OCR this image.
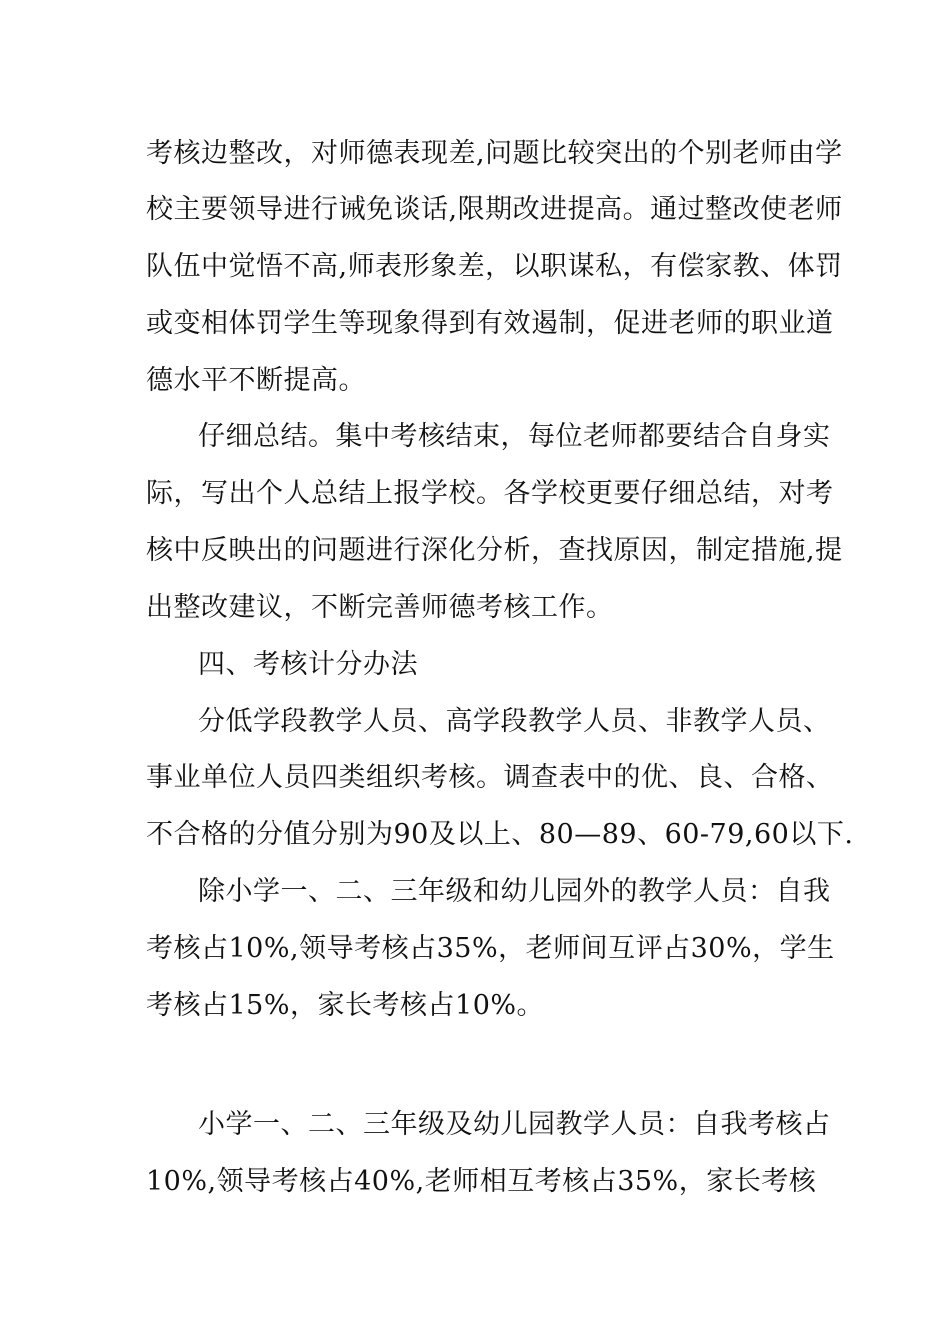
考核边整改，对师德表现差,问题比较突出的个别老师由学
校主要领导进行诫免谈话,限期改进提高。通过整改使老师
队伍中觉悟不高,师表形象差，以职谋私，有偿家教、体罚
或变相体罚学生等现象得到有效遏制，促进老师的职业道
德水平不断提高。
仔细总结。集中考核结束，每位老师都要结合自身实
际，写出个人总结上报学校。各学校更要仔细总结，对考
核中反映出的问题进行深化分析，查找原因，制定措施,提
出整改建议，不断完善师德考核工作。
四、考核计分办法
分低学段教学人员、高学段教学人员、非教学人员、
事业单位人员四类组织考核。调查表中的优、良、合格、
不合格的分值分别为90及以上、80—89、60-79,60以下.
除小学一、二、三年级和幼儿园外的教学人员：自我
考核占10%,领导考核占35%，老师间互评占30%，学生
考核占15%，家长考核占10%。
小学一、二、三年级及幼儿园教学人员：自我考核占
10%,领导考核占40%,老师相互考核占35%，家长考核
